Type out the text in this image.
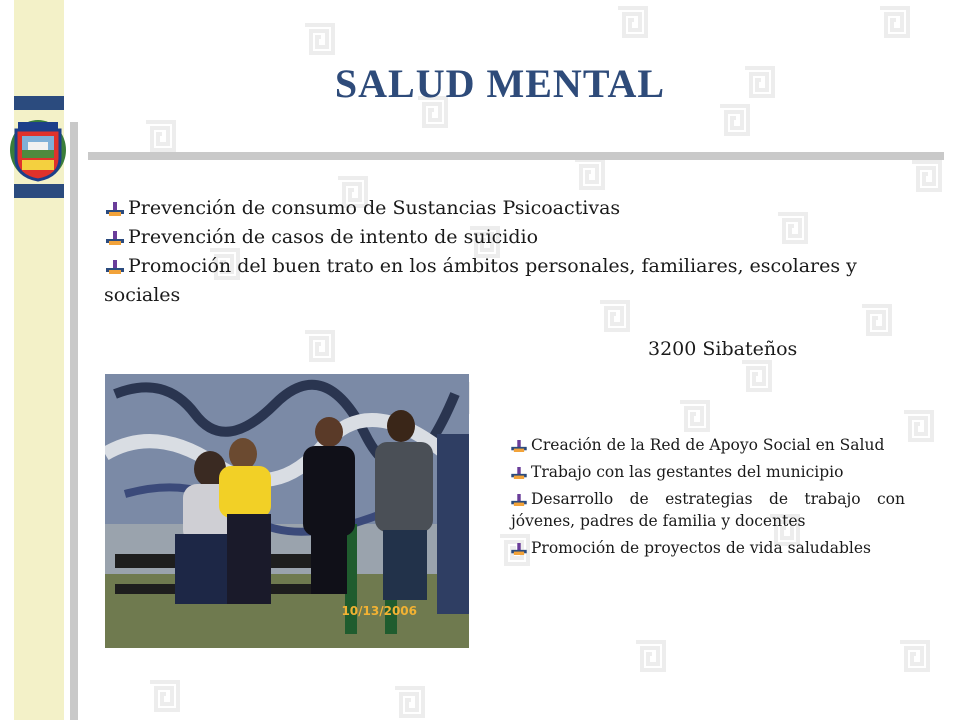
SALUD MENTAL
Prevención de consumo de Sustancias Psicoactivas
Prevención de casos de intento de suicidio
Promoción del buen trato en los ámbitos personales, familiares, escolares y sociales
3200 Sibateños
10/13/2006
Creación de la Red de Apoyo Social en Salud
Trabajo con las gestantes del municipio
Desarrollo de estrategias de trabajo con jóvenes, padres de familia y docentes
Promoción de proyectos de vida saludables
